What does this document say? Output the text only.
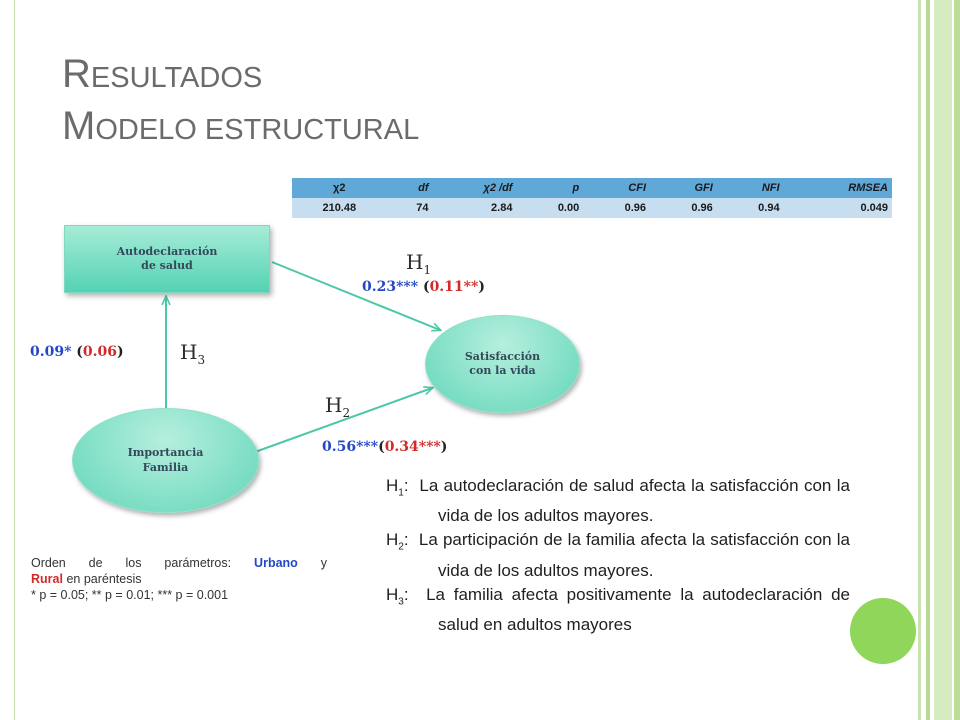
RESULTADOS
MODELO ESTRUCTURAL
χ2	df	χ2 /df	p	CFI	GFI	NFI	RMSEA
210.48	74	2.84	0.00	0.96	0.96	0.94	0.049
Autodeclaración
de salud
Satisfacción
con la vida
Importancia
Familia
$H_1$
0.23*** (0.11**)
$H_3$
0.09* (0.06)
$H_2$
0.56***(0.34***)

$H_1$:  La autodeclaración de salud afecta la satisfacción con la vida de los adultos mayores.

$H_2$:  La participación de la familia afecta la satisfacción con la vida de los adultos mayores.

$H_3$:  La familia afecta positivamente la autodeclaración de salud en adultos mayores

Orden de los parámetros: Urbano y
Rural en paréntesis
* p = 0.05; ** p = 0.01; *** p = 0.001
